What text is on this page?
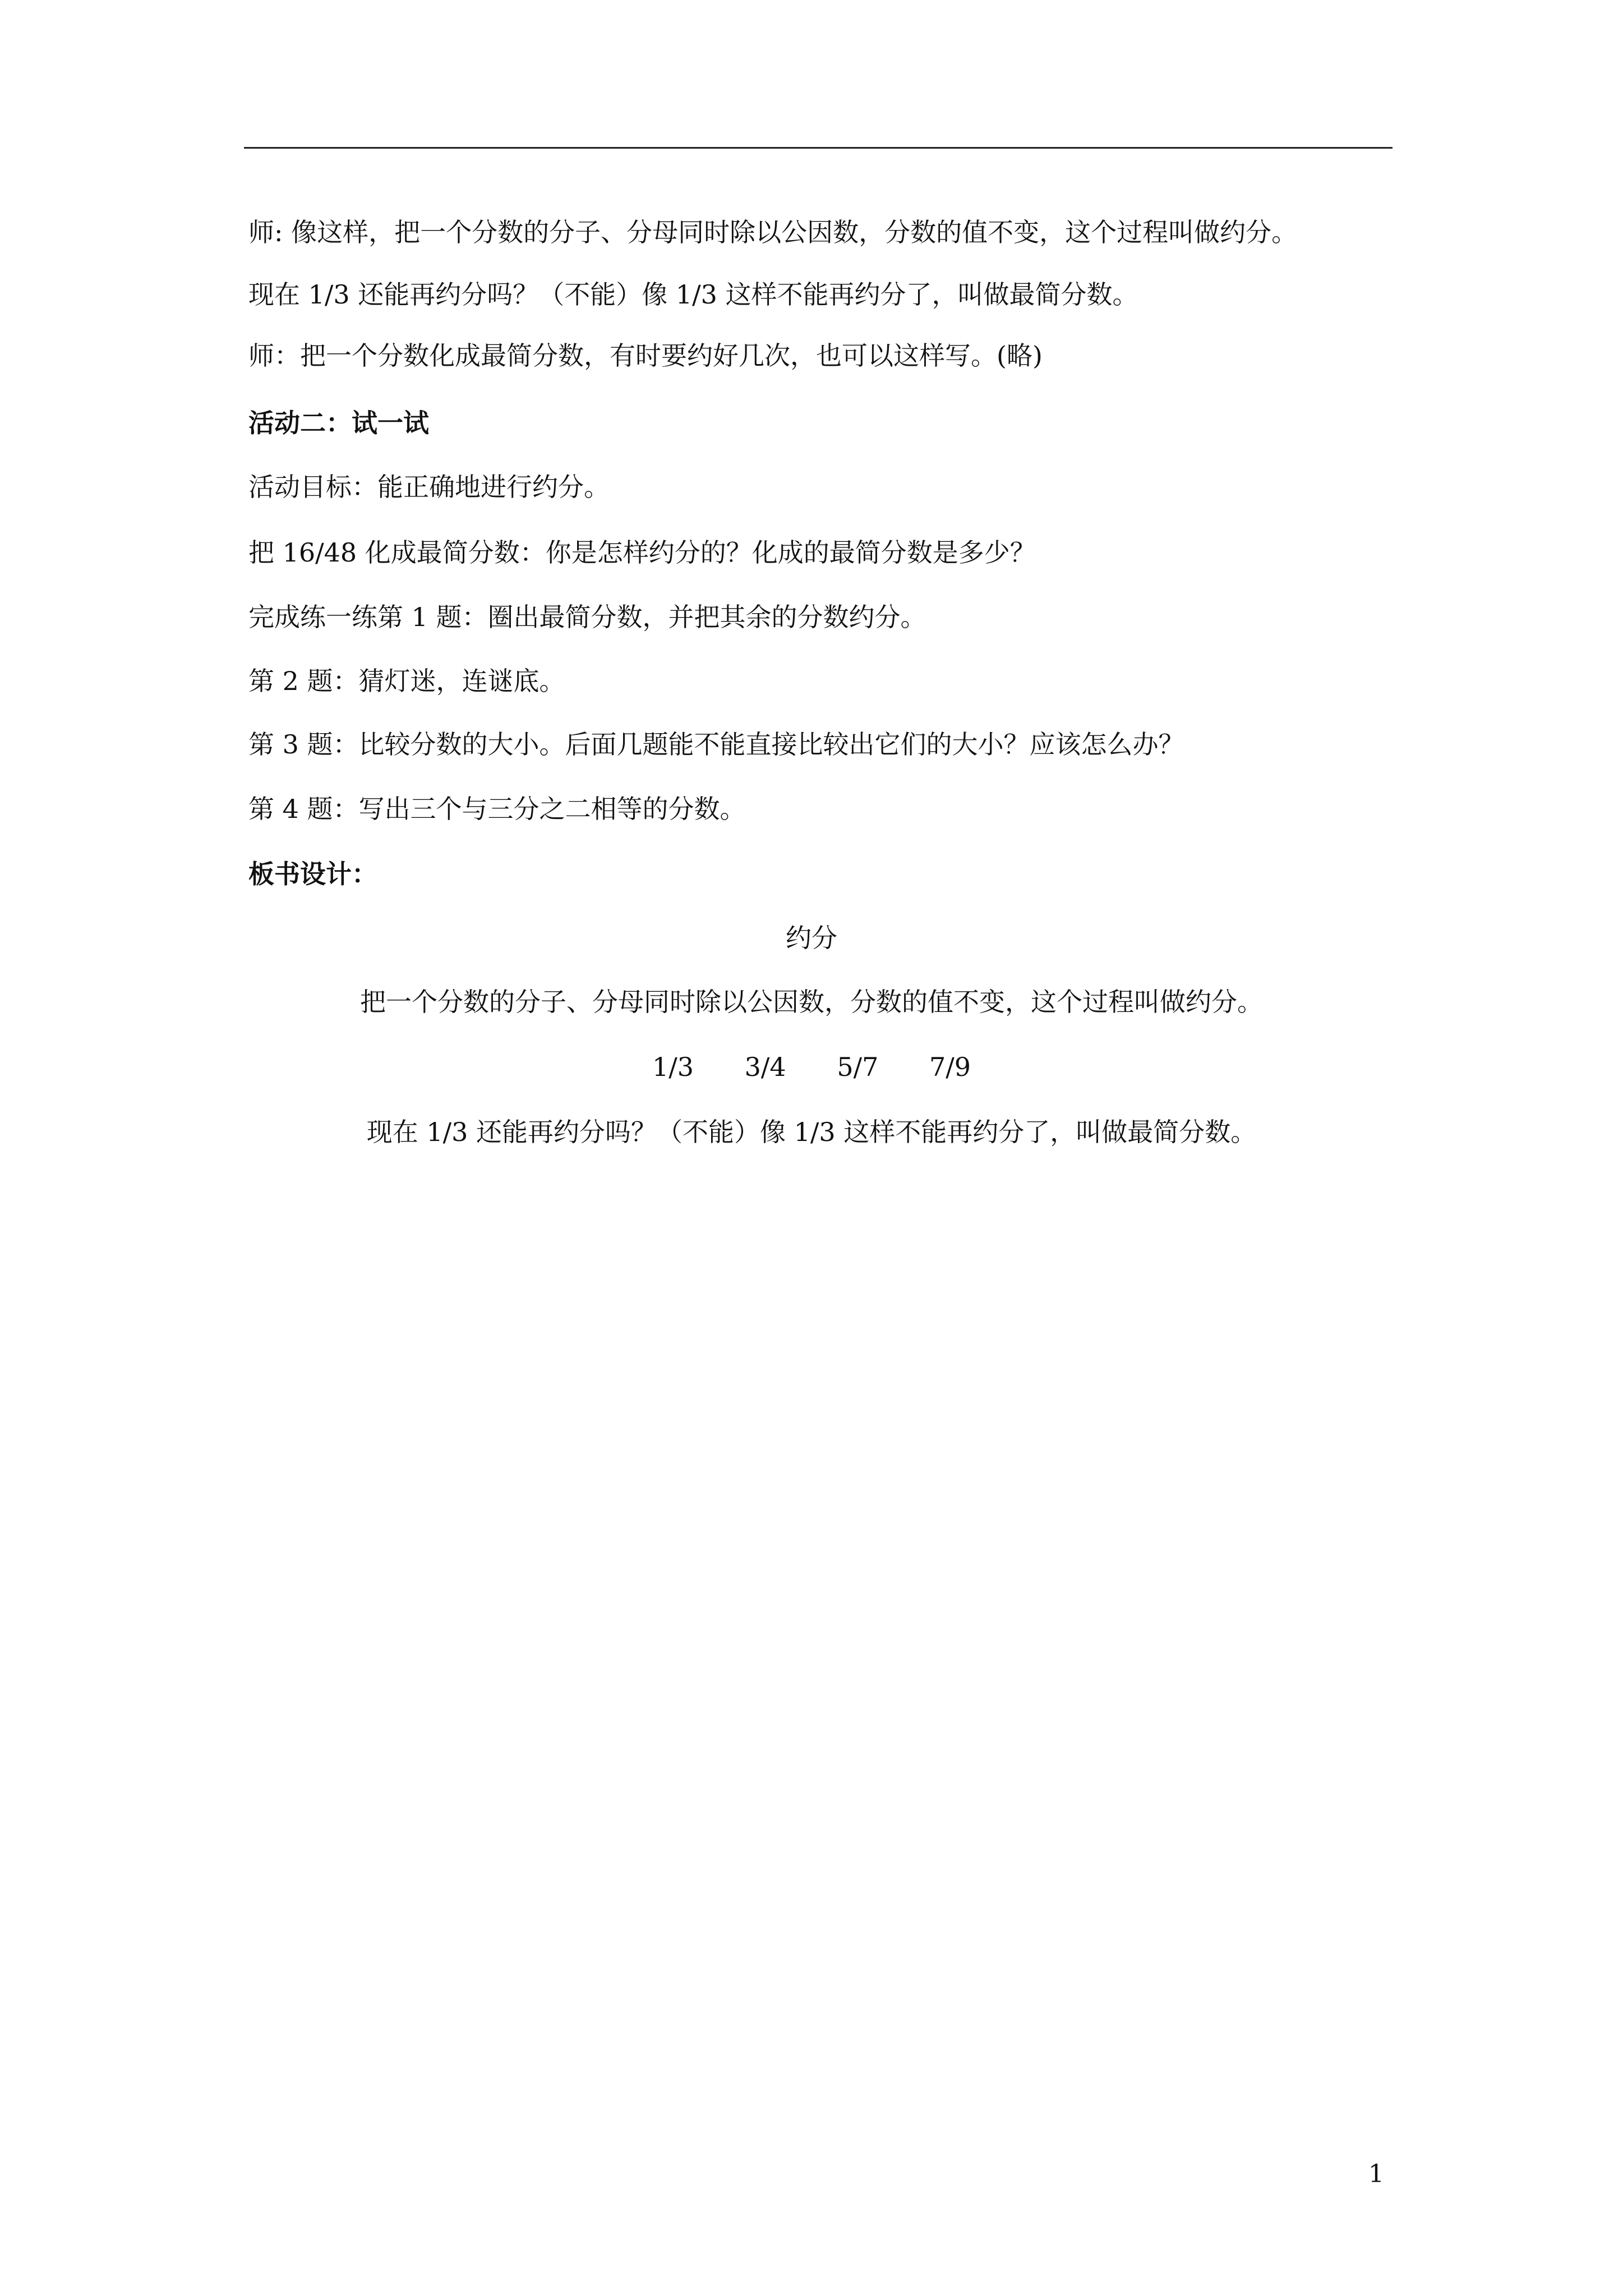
师: 像这样，把一个分数的分子、分母同时除以公因数，分数的值不变，这个过程叫做约分。
现在 1/3 还能再约分吗？（不能）像 1/3 这样不能再约分了，叫做最简分数。
师：把一个分数化成最简分数，有时要约好几次，也可以这样写。(略)
活动二：试一试
活动目标：能正确地进行约分。
把 16/48 化成最简分数：你是怎样约分的？化成的最简分数是多少？
完成练一练第 1 题：圈出最简分数，并把其余的分数约分。
第 2 题：猜灯迷，连谜底。
第 3 题：比较分数的大小。后面几题能不能直接比较出它们的大小？应该怎么办？
第 4 题：写出三个与三分之二相等的分数。
板书设计：
约分
把一个分数的分子、分母同时除以公因数，分数的值不变，这个过程叫做约分。
1/3 3/4 5/7 7/9
现在 1/3 还能再约分吗？（不能）像 1/3 这样不能再约分了，叫做最简分数。
1
